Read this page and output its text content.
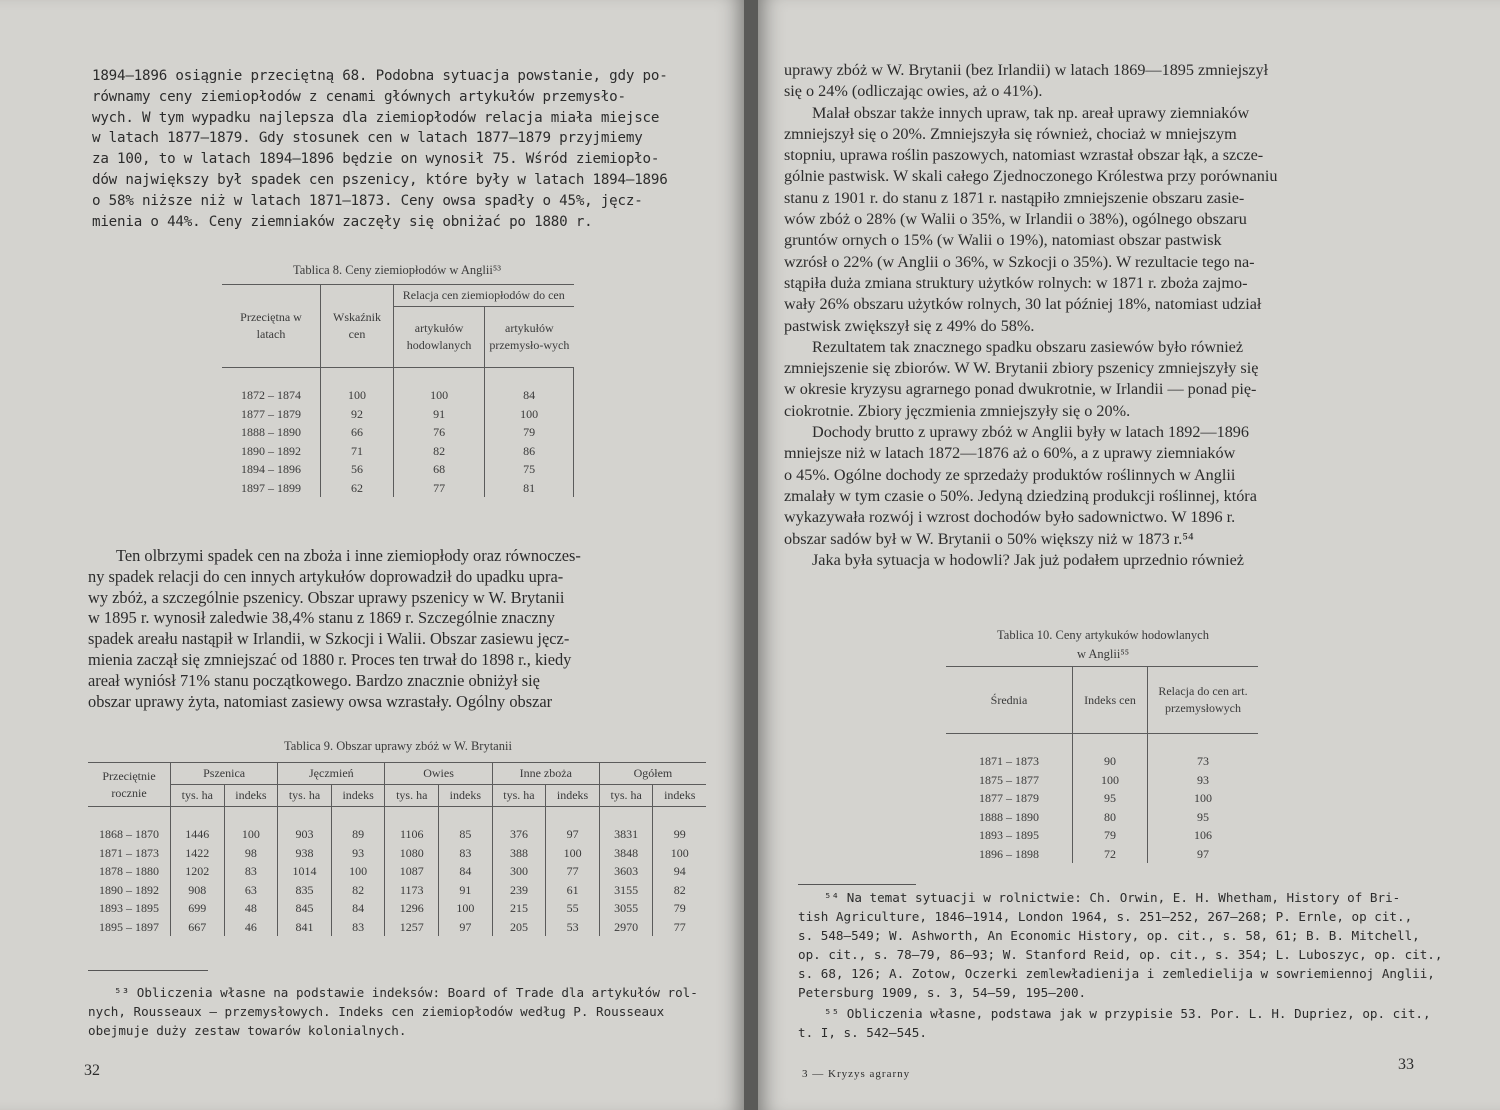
1894—1896 osiągnie przeciętną 68. Podobna sytuacja powstanie, gdy po-
równamy ceny ziemiopłodów z cenami głównych artykułów przemysło-
wych. W tym wypadku najlepsza dla ziemiopłodów relacja miała miejsce
w latach 1877—1879. Gdy stosunek cen w latach 1877—1879 przyjmiemy
za 100, to w latach 1894—1896 będzie on wynosił 75. Wśród ziemiopło-
dów największy był spadek cen pszenicy, które były w latach 1894—1896
o 58% niższe niż w latach 1871—1873. Ceny owsa spadły o 45%, jęcz-
mienia o 44%. Ceny ziemniaków zaczęły się obniżać po 1880 r.
Tablica 8. Ceny ziemiopłodów w Anglii⁵³
Przeciętna w latach	Wskaźnik cen	Relacja cen ziemiopłodów do cen	
		artykułów hodowlanych	artykułów przemysło-wych
1872 – 1874	100	100	84
1877 – 1879	92	91	100
1888 – 1890	66	76	79
1890 – 1892	71	82	86
1894 – 1896	56	68	75
1897 – 1899	62	77	81
Ten olbrzymi spadek cen na zboża i inne ziemiopłody oraz równoczes-
ny spadek relacji do cen innych artykułów doprowadził do upadku upra-
wy zbóż, a szczególnie pszenicy. Obszar uprawy pszenicy w W. Brytanii
w 1895 r. wynosił zaledwie 38,4% stanu z 1869 r. Szczególnie znaczny
spadek areału nastąpił w Irlandii, w Szkocji i Walii. Obszar zasiewu jęcz-
mienia zaczął się zmniejszać od 1880 r. Proces ten trwał do 1898 r., kiedy
areał wyniósł 71% stanu początkowego. Bardzo znacznie obniżył się
obszar uprawy żyta, natomiast zasiewy owsa wzrastały. Ogólny obszar
Tablica 9. Obszar uprawy zbóż w W. Brytanii
Przeciętnie rocznie	Pszenica		Jęczmień		Owies		Inne zboża		Ogółem	
	tys. ha	indeks	tys. ha	indeks	tys. ha	indeks	tys. ha	indeks	tys. ha	indeks
1868 – 1870	1446	100	903	89	1106	85	376	97	3831	99
1871 – 1873	1422	98	938	93	1080	83	388	100	3848	100
1878 – 1880	1202	83	1014	100	1087	84	300	77	3603	94
1890 – 1892	908	63	835	82	1173	91	239	61	3155	82
1893 – 1895	699	48	845	84	1296	100	215	55	3055	79
1895 – 1897	667	46	841	83	1257	97	205	53	2970	77
⁵³ Obliczenia własne na podstawie indeksów: Board of Trade dla artykułów rol-
nych, Rousseaux — przemysłowych. Indeks cen ziemiopłodów według P. Rousseaux
obejmuje duży zestaw towarów kolonialnych.
32
uprawy zbóż w W. Brytanii (bez Irlandii) w latach 1869—1895 zmniejszył
się o 24% (odliczając owies, aż o 41%).
Malał obszar także innych upraw, tak np. areał uprawy ziemniaków
zmniejszył się o 20%. Zmniejszyła się również, chociaż w mniejszym
stopniu, uprawa roślin paszowych, natomiast wzrastał obszar łąk, a szcze-
gólnie pastwisk. W skali całego Zjednoczonego Królestwa przy porównaniu
stanu z 1901 r. do stanu z 1871 r. nastąpiło zmniejszenie obszaru zasie-
wów zbóż o 28% (w Walii o 35%, w Irlandii o 38%), ogólnego obszaru
gruntów ornych o 15% (w Walii o 19%), natomiast obszar pastwisk
wzrósł o 22% (w Anglii o 36%, w Szkocji o 35%). W rezultacie tego na-
stąpiła duża zmiana struktury użytków rolnych: w 1871 r. zboża zajmo-
wały 26% obszaru użytków rolnych, 30 lat później 18%, natomiast udział
pastwisk zwiększył się z 49% do 58%.
Rezultatem tak znacznego spadku obszaru zasiewów było również
zmniejszenie się zbiorów. W W. Brytanii zbiory pszenicy zmniejszyły się
w okresie kryzysu agrarnego ponad dwukrotnie, w Irlandii — ponad pię-
ciokrotnie. Zbiory jęczmienia zmniejszyły się o 20%.
Dochody brutto z uprawy zbóż w Anglii były w latach 1892—1896
mniejsze niż w latach 1872—1876 aż o 60%, a z uprawy ziemniaków
o 45%. Ogólne dochody ze sprzedaży produktów roślinnych w Anglii
zmalały w tym czasie o 50%. Jedyną dziedziną produkcji roślinnej, która
wykazywała rozwój i wzrost dochodów było sadownictwo. W 1896 r.
obszar sadów był w W. Brytanii o 50% większy niż w 1873 r.⁵⁴
Jaka była sytuacja w hodowli? Jak już podałem uprzednio również
Tablica 10. Ceny artykuków hodowlanych
w Anglii⁵⁵
Średnia	Indeks cen	Relacja do cen art. przemysłowych
1871 – 1873	90	73
1875 – 1877	100	93
1877 – 1879	95	100
1888 – 1890	80	95
1893 – 1895	79	106
1896 – 1898	72	97
⁵⁴ Na temat sytuacji w rolnictwie: Ch. Orwin, E. H. Whetham, History of Bri-
tish Agriculture, 1846—1914, London 1964, s. 251—252, 267—268; P. Ernle, op cit.,
s. 548—549; W. Ashworth, An Economic History, op. cit., s. 58, 61; B. B. Mitchell,
op. cit., s. 78—79, 86—93; W. Stanford Reid, op. cit., s. 354; L. Luboszyc, op. cit.,
s. 68, 126; A. Zotow, Oczerki zemlewładienija i zemledielija w sowriemiennoj Anglii,
Petersburg 1909, s. 3, 54—59, 195—200.
⁵⁵ Obliczenia własne, podstawa jak w przypisie 53. Por. L. H. Dupriez, op. cit.,
t. I, s. 542—545.
3 — Kryzys agrarny
33
